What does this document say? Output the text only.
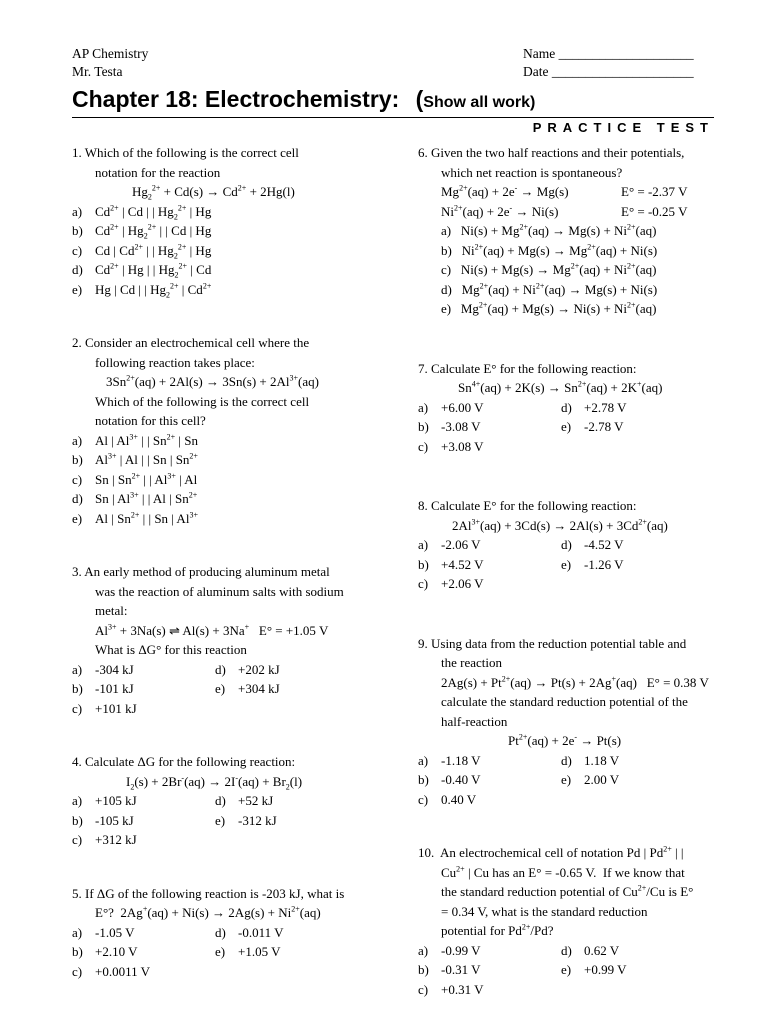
AP Chemistry
Mr. Testa
Name ____________________
Date _____________________
Chapter 18: Electrochemistry: (Show all work)
PRACTICE TEST
1. Which of the following is the correct cell
notation for the reaction
$Hg_2^{2+} + Cd(s) \to Cd^{2+} + 2Hg(l)$
a) $Cd^{2+}$ | Cd | | $Hg_2^{2+}$ | Hg
b) $Cd^{2+}$ | $Hg_2^{2+}$ | | Cd | Hg
c) Cd | $Cd^{2+}$ | | $Hg_2^{2+}$ | Hg
d) $Cd^{2+}$ | Hg | | $Hg_2^{2+}$ | Cd
e) Hg | Cd | | $Hg_2^{2+}$ | $Cd^{2+}$
2. Consider an electrochemical cell where the
following reaction takes place:
$3Sn^{2+}(aq) + 2Al(s) \to 3Sn(s) + 2Al^{3+}(aq)$
Which of the following is the correct cell
notation for this cell?
a) Al | $Al^{3+}$ | | $Sn^{2+}$ | Sn
b) $Al^{3+}$ | Al | | Sn | $Sn^{2+}$
c) Sn | $Sn^{2+}$ | | $Al^{3+}$ | Al
d) Sn | $Al^{3+}$ | | Al | $Sn^{2+}$
e) Al | $Sn^{2+}$ | | Sn | $Al^{3+}$
3. An early method of producing aluminum metal
was the reaction of aluminum salts with sodium
metal:
$Al^{3+} + 3Na(s)$ ⇌ Al(s) + 3Na+   E° = +1.05 V
What is ΔG° for this reaction
a) -304 kJ	d) +202 kJ
b) -101 kJ	e) +304 kJ
c) +101 kJ
4. Calculate ΔG for the following reaction:
$I_2(s) + 2Br^-(aq) \to 2I^-(aq) + Br_2(l)$
a) +105 kJ	d) +52 kJ
b) -105 kJ	e) -312 kJ
c) +312 kJ
5. If ΔG of the following reaction is -203 kJ, what is
E°?  $2Ag^+(aq) + Ni(s) \to 2Ag(s) + Ni^{2+}(aq)$
a) -1.05 V	d) -0.011 V
b) +2.10 V	e) +1.05 V
c) +0.0011 V
6. Given the two half reactions and their potentials,
which net reaction is spontaneous?
$Mg^{2+}(aq) + 2e^- \to Mg(s)$	E° = -2.37 V
$Ni^{2+}(aq) + 2e^- \to Ni(s)$	E° = -0.25 V
a)   $Ni(s) + Mg^{2+}(aq) \to Mg(s) + Ni^{2+}(aq)$
b)   $Ni^{2+}(aq) + Mg(s) \to Mg^{2+}(aq) + Ni(s)$
c)   $Ni(s) + Mg(s) \to Mg^{2+}(aq) + Ni^{2+}(aq)$
d)   $Mg^{2+}(aq) + Ni^{2+}(aq) \to Mg(s) + Ni(s)$
e)   $Mg^{2+}(aq) + Mg(s) \to Ni(s) + Ni^{2+}(aq)$
7. Calculate E° for the following reaction:
$Sn^{4+}(aq) + 2K(s) \to Sn^{2+}(aq) + 2K^+(aq)$
a) +6.00 V	d) +2.78 V
b) -3.08 V	e) -2.78 V
c) +3.08 V
8. Calculate E° for the following reaction:
$2Al^{3+}(aq) + 3Cd(s) \to 2Al(s) + 3Cd^{2+}(aq)$
a) -2.06 V	d) -4.52 V
b) +4.52 V	e) -1.26 V
c) +2.06 V
9. Using data from the reduction potential table and
the reaction
$2Ag(s) + Pt^{2+}(aq) \to Pt(s) + 2Ag^+(aq) E^\circ = 0.38$ V
calculate the standard reduction potential of the
half-reaction
$Pt^{2+}(aq) + 2e^- \to Pt(s)$
a) -1.18 V	d) 1.18 V
b) -0.40 V	e) 2.00 V
c) 0.40 V
10.  An electrochemical cell of notation Pd | $Pd^{2+}$ | |
$Cu^{2+}$ | Cu has an E° = -0.65 V.  If we know that
the standard reduction potential of $Cu^{2+}/Cu$ is E°
= 0.34 V, what is the standard reduction
potential for $Pd^{2+}/Pd$?
a) -0.99 V	d) 0.62 V
b) -0.31 V	e) +0.99 V
c) +0.31 V
